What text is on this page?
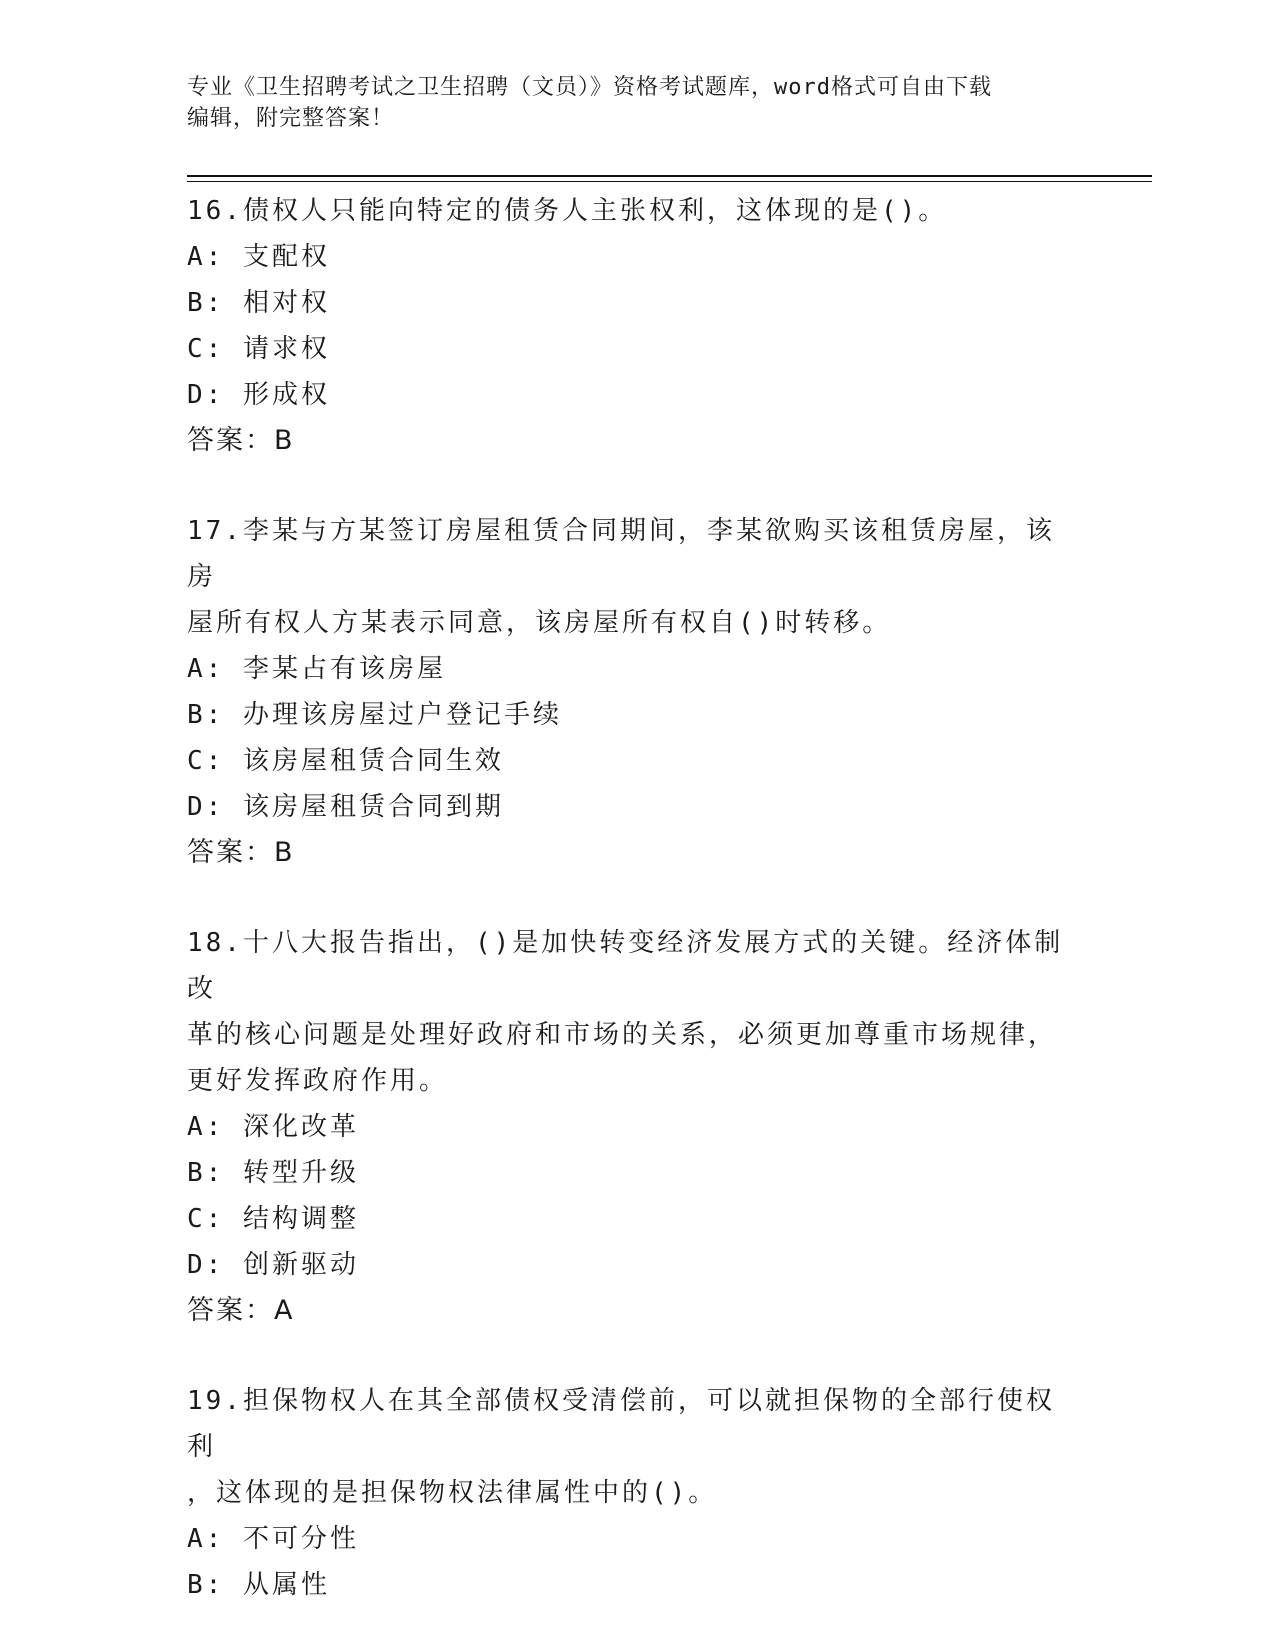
专业《卫生招聘考试之卫生招聘（文员）》资格考试题库，word格式可自由下载
编辑，附完整答案！

16.债权人只能向特定的债务人主张权利，这体现的是()。

A: 支配权

B: 相对权

C: 请求权

D: 形成权

答案：B

17.李某与方某签订房屋租赁合同期间，李某欲购买该租赁房屋，该房

屋所有权人方某表示同意，该房屋所有权自()时转移。

A: 李某占有该房屋

B: 办理该房屋过户登记手续

C: 该房屋租赁合同生效

D: 该房屋租赁合同到期

答案：B

18.十八大报告指出，()是加快转变经济发展方式的关键。经济体制改

革的核心问题是处理好政府和市场的关系，必须更加尊重市场规律，

更好发挥政府作用。

A: 深化改革

B: 转型升级

C: 结构调整

D: 创新驱动

答案：A

19.担保物权人在其全部债权受清偿前，可以就担保物的全部行使权利

，这体现的是担保物权法律属性中的()。

A: 不可分性

B: 从属性
